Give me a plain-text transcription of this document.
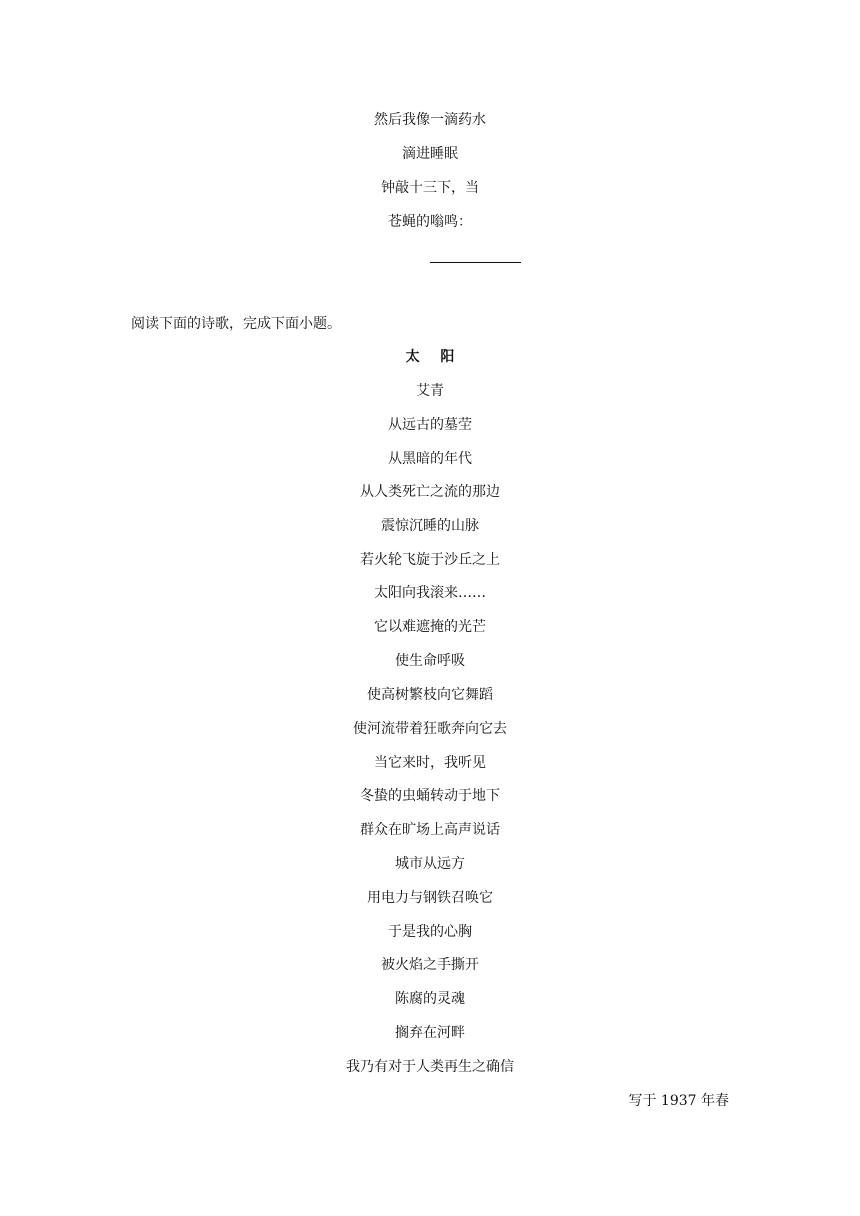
然后我像一滴药水
滴进睡眠
钟敲十三下，当
苍蝇的嗡鸣：
阅读下面的诗歌，完成下面小题。
太 阳
艾青
从远古的墓茔
从黑暗的年代
从人类死亡之流的那边
震惊沉睡的山脉
若火轮飞旋于沙丘之上
太阳向我滚来……
它以难遮掩的光芒
使生命呼吸
使高树繁枝向它舞蹈
使河流带着狂歌奔向它去
当它来时，我听见
冬蛰的虫蛹转动于地下
群众在旷场上高声说话
城市从远方
用电力与钢铁召唤它
于是我的心胸
被火焰之手撕开
陈腐的灵魂
搁弃在河畔
我乃有对于人类再生之确信
写于 1937 年春
